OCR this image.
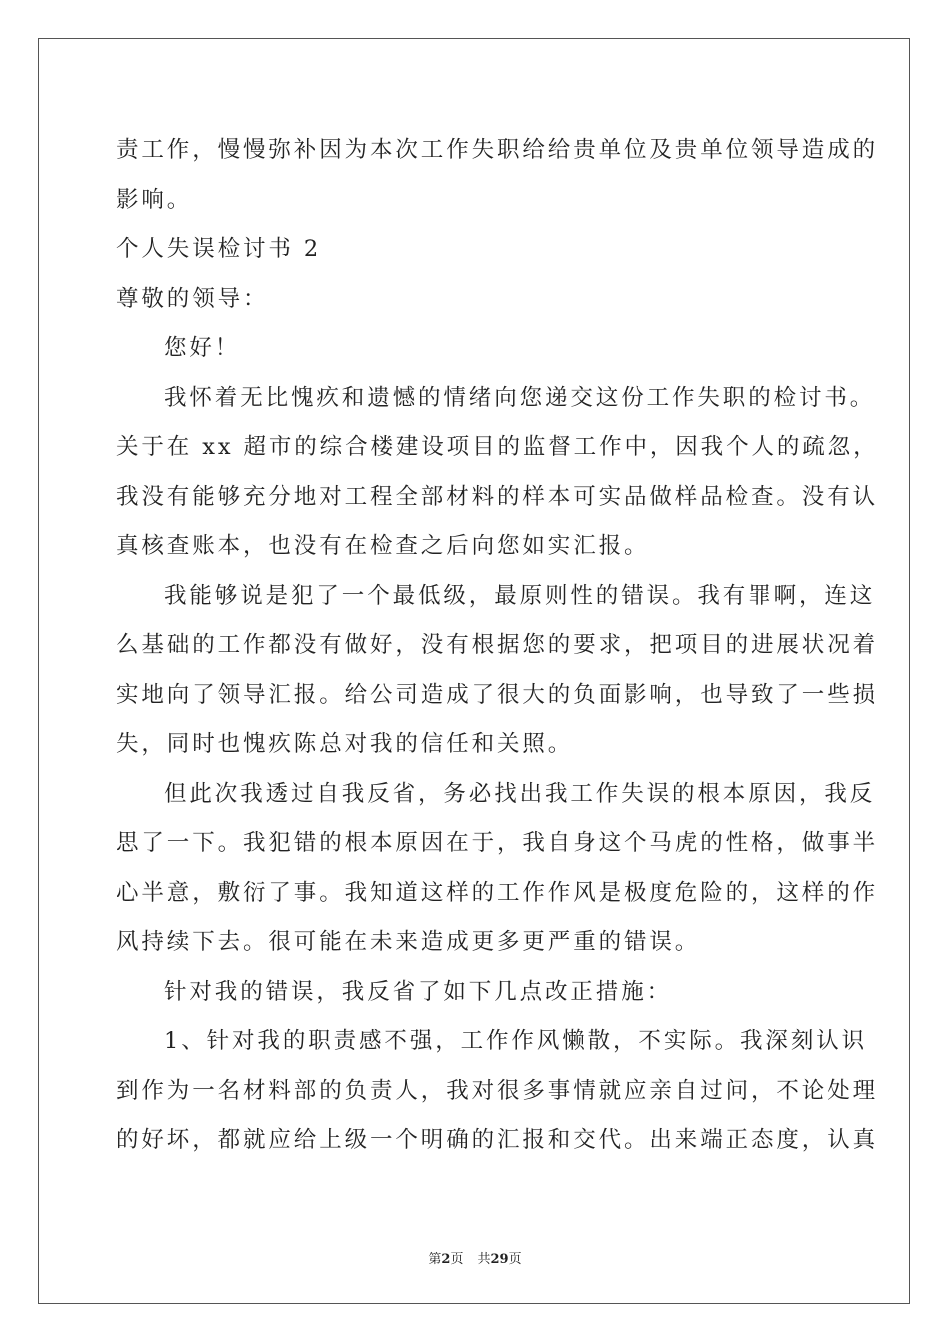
责工作，慢慢弥补因为本次工作失职给给贵单位及贵单位领导造成的
影响。
个人失误检讨书 2
尊敬的领导：
您好！
我怀着无比愧疚和遗憾的情绪向您递交这份工作失职的检讨书。
关于在 xx 超市的综合楼建设项目的监督工作中，因我个人的疏忽，
我没有能够充分地对工程全部材料的样本可实品做样品检查。没有认
真核查账本，也没有在检查之后向您如实汇报。
我能够说是犯了一个最低级，最原则性的错误。我有罪啊，连这
么基础的工作都没有做好，没有根据您的要求，把项目的进展状况着
实地向了领导汇报。给公司造成了很大的负面影响，也导致了一些损
失，同时也愧疚陈总对我的信任和关照。
但此次我透过自我反省，务必找出我工作失误的根本原因，我反
思了一下。我犯错的根本原因在于，我自身这个马虎的性格，做事半
心半意，敷衍了事。我知道这样的工作作风是极度危险的，这样的作
风持续下去。很可能在未来造成更多更严重的错误。
针对我的错误，我反省了如下几点改正措施：
1、针对我的职责感不强，工作作风懒散，不实际。我深刻认识
到作为一名材料部的负责人，我对很多事情就应亲自过问，不论处理
的好坏，都就应给上级一个明确的汇报和交代。出来端正态度，认真
第2页 共29页
